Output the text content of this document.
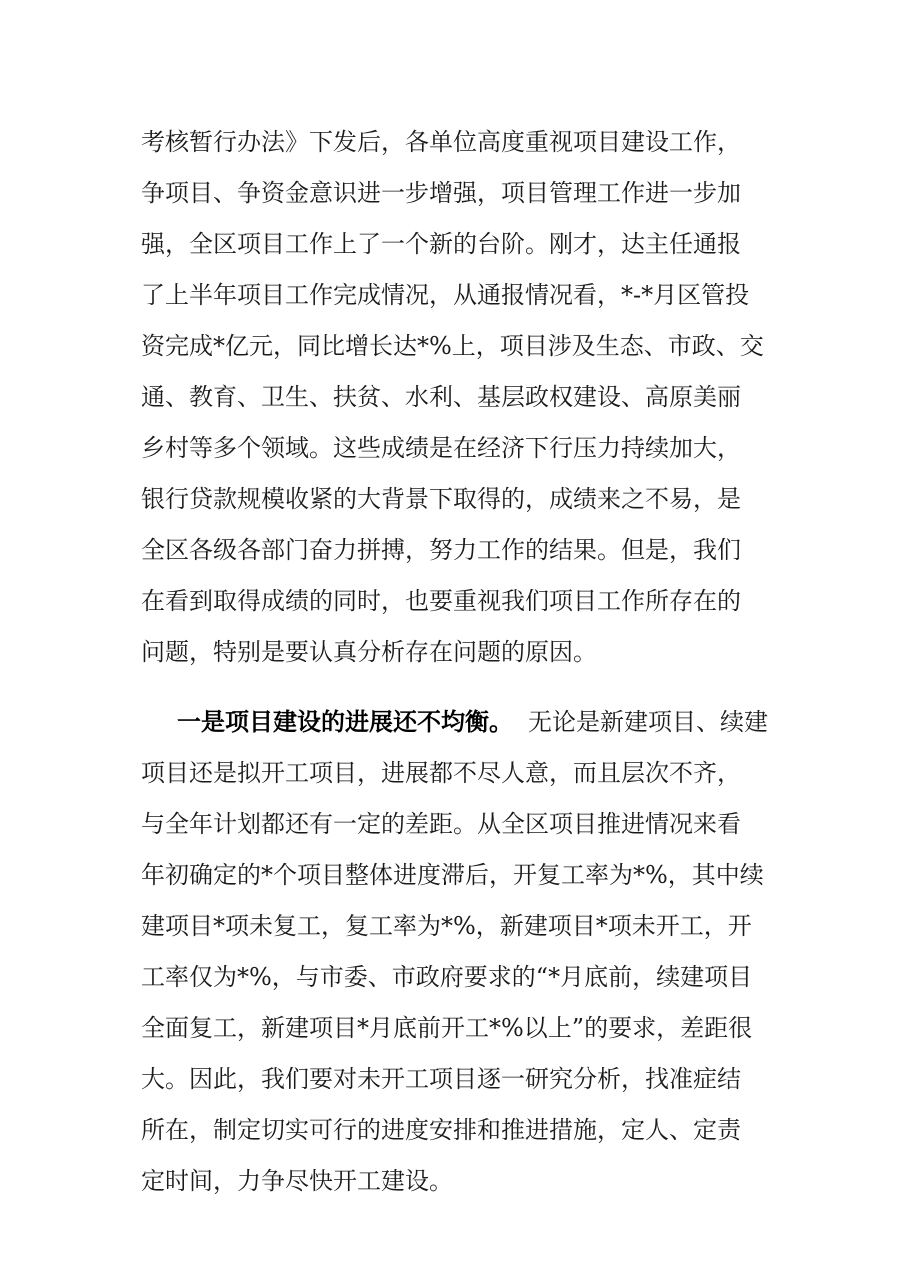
考核暂行办法》下发后，各单位高度重视项目建设工作，
争项目、争资金意识进一步增强，项目管理工作进一步加
强，全区项目工作上了一个新的台阶。刚才，达主任通报
了上半年项目工作完成情况，从通报情况看，*-*月区管投
资完成*亿元，同比增长达*%上，项目涉及生态、市政、交
通、教育、卫生、扶贫、水利、基层政权建设、高原美丽
乡村等多个领域。这些成绩是在经济下行压力持续加大，
银行贷款规模收紧的大背景下取得的，成绩来之不易，是
全区各级各部门奋力拼搏，努力工作的结果。但是，我们
在看到取得成绩的同时，也要重视我们项目工作所存在的
问题，特别是要认真分析存在问题的原因。

一是项目建设的进展还不均衡。

无论是新建项目、续建

项目还是拟开工项目，进展都不尽人意，而且层次不齐，
与全年计划都还有一定的差距。从全区项目推进情况来看
年初确定的*个项目整体进度滞后，开复工率为*%，其中续
建项目*项未复工，复工率为*%，新建项目*项未开工，开
工率仅为*%，与市委、市政府要求的“*月底前，续建项目
全面复工，新建项目*月底前开工*%以上”的要求，差距很
大。因此，我们要对未开工项目逐一研究分析，找准症结
所在，制定切实可行的进度安排和推进措施，定人、定责
定时间，力争尽快开工建设。
